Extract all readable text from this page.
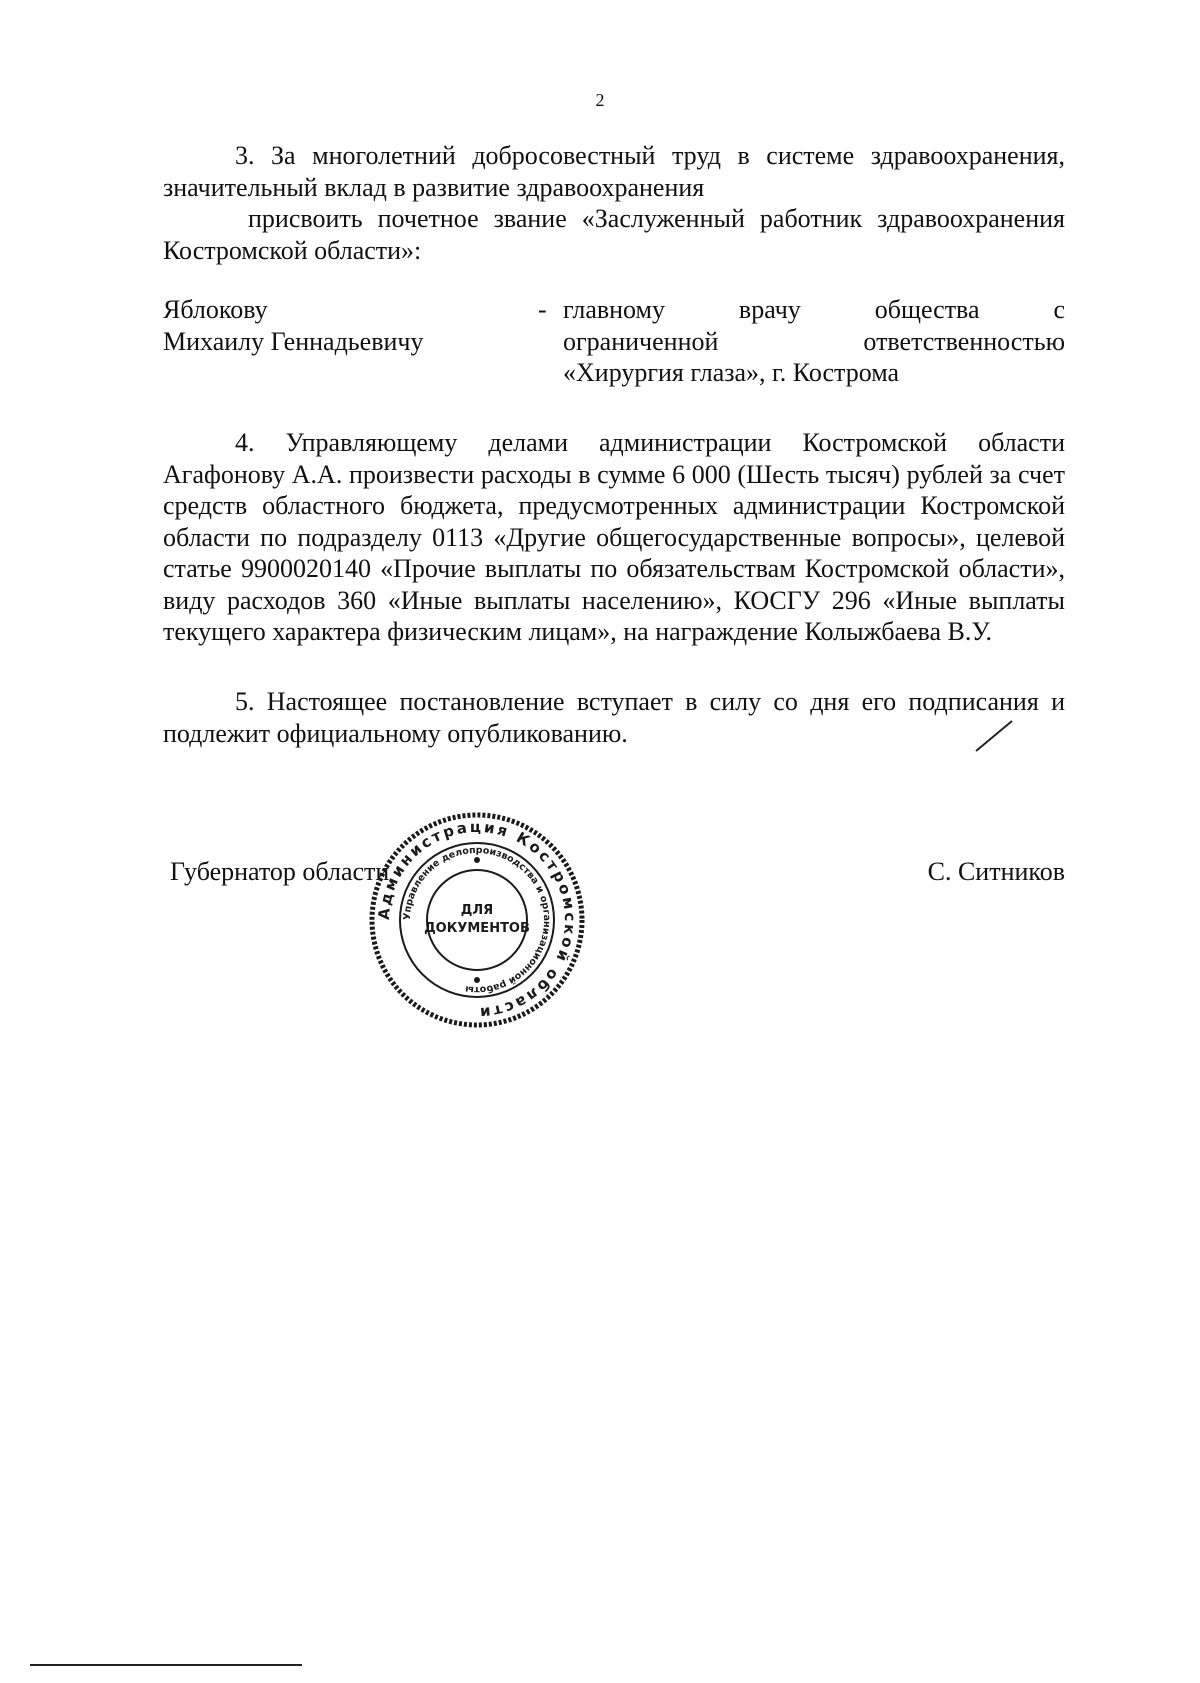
2
3. За многолетний добросовестный труд в системе здравоохранения, значительный вклад в развитие здравоохранения
присвоить почетное звание «Заслуженный работник здравоохранения Костромской области»:
Яблокову
Михаилу Геннадьевичу
- главному врачу общества с
ограниченной ответственностью
«Хирургия глаза», г. Кострома
4. Управляющему делами администрации Костромской области Агафонову А.А. произвести расходы в сумме 6 000 (Шесть тысяч) рублей за счет средств областного бюджета, предусмотренных администрации Костромской области по подразделу 0113 «Другие общегосударственные вопросы», целевой статье 9900020140 «Прочие выплаты по обязательствам Костромской области», виду расходов 360 «Иные выплаты населению», КОСГУ 296 «Иные выплаты текущего характера физическим лицам», на награждение Колыжбаева В.У.
5. Настоящее постановление вступает в силу со дня его подписания и подлежит официальному опубликованию.
Губернатор области	С. Ситников
Администрация Костромской области
Управление делопроизводства и организационной работы
ДЛЯ
ДОКУМЕНТОВ
